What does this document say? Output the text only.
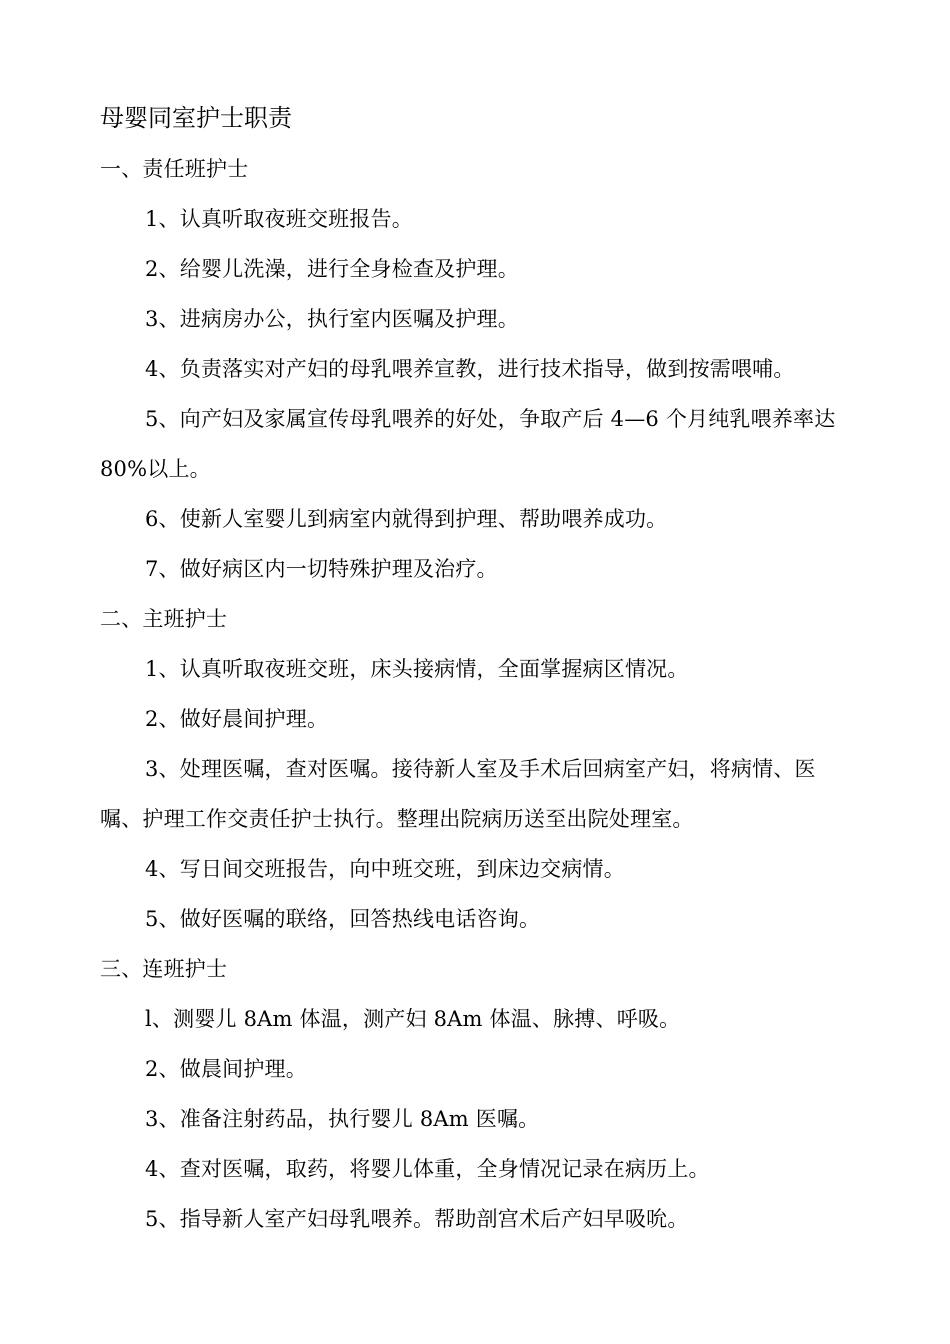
母婴同室护士职责
一、责任班护士
1、认真听取夜班交班报告。
2、给婴儿洗澡，进行全身检查及护理。
3、进病房办公，执行室内医嘱及护理。
4、负责落实对产妇的母乳喂养宣教，进行技术指导，做到按需喂哺。
5、向产妇及家属宣传母乳喂养的好处，争取产后 4—6 个月纯乳喂养率达
80%以上。
6、使新人室婴儿到病室内就得到护理、帮助喂养成功。
7、做好病区内一切特殊护理及治疗。
二、主班护士
1、认真听取夜班交班，床头接病情，全面掌握病区情况。
2、做好晨间护理。
3、处理医嘱，查对医嘱。接待新人室及手术后回病室产妇，将病情、医
嘱、护理工作交责任护士执行。整理出院病历送至出院处理室。
4、写日间交班报告，向中班交班，到床边交病情。
5、做好医嘱的联络，回答热线电话咨询。
三、连班护士
l、测婴儿 8Am 体温，测产妇 8Am 体温、脉搏、呼吸。
2、做晨间护理。
3、准备注射药品，执行婴儿 8Am 医嘱。
4、查对医嘱，取药，将婴儿体重，全身情况记录在病历上。
5、指导新人室产妇母乳喂养。帮助剖宫术后产妇早吸吮。
